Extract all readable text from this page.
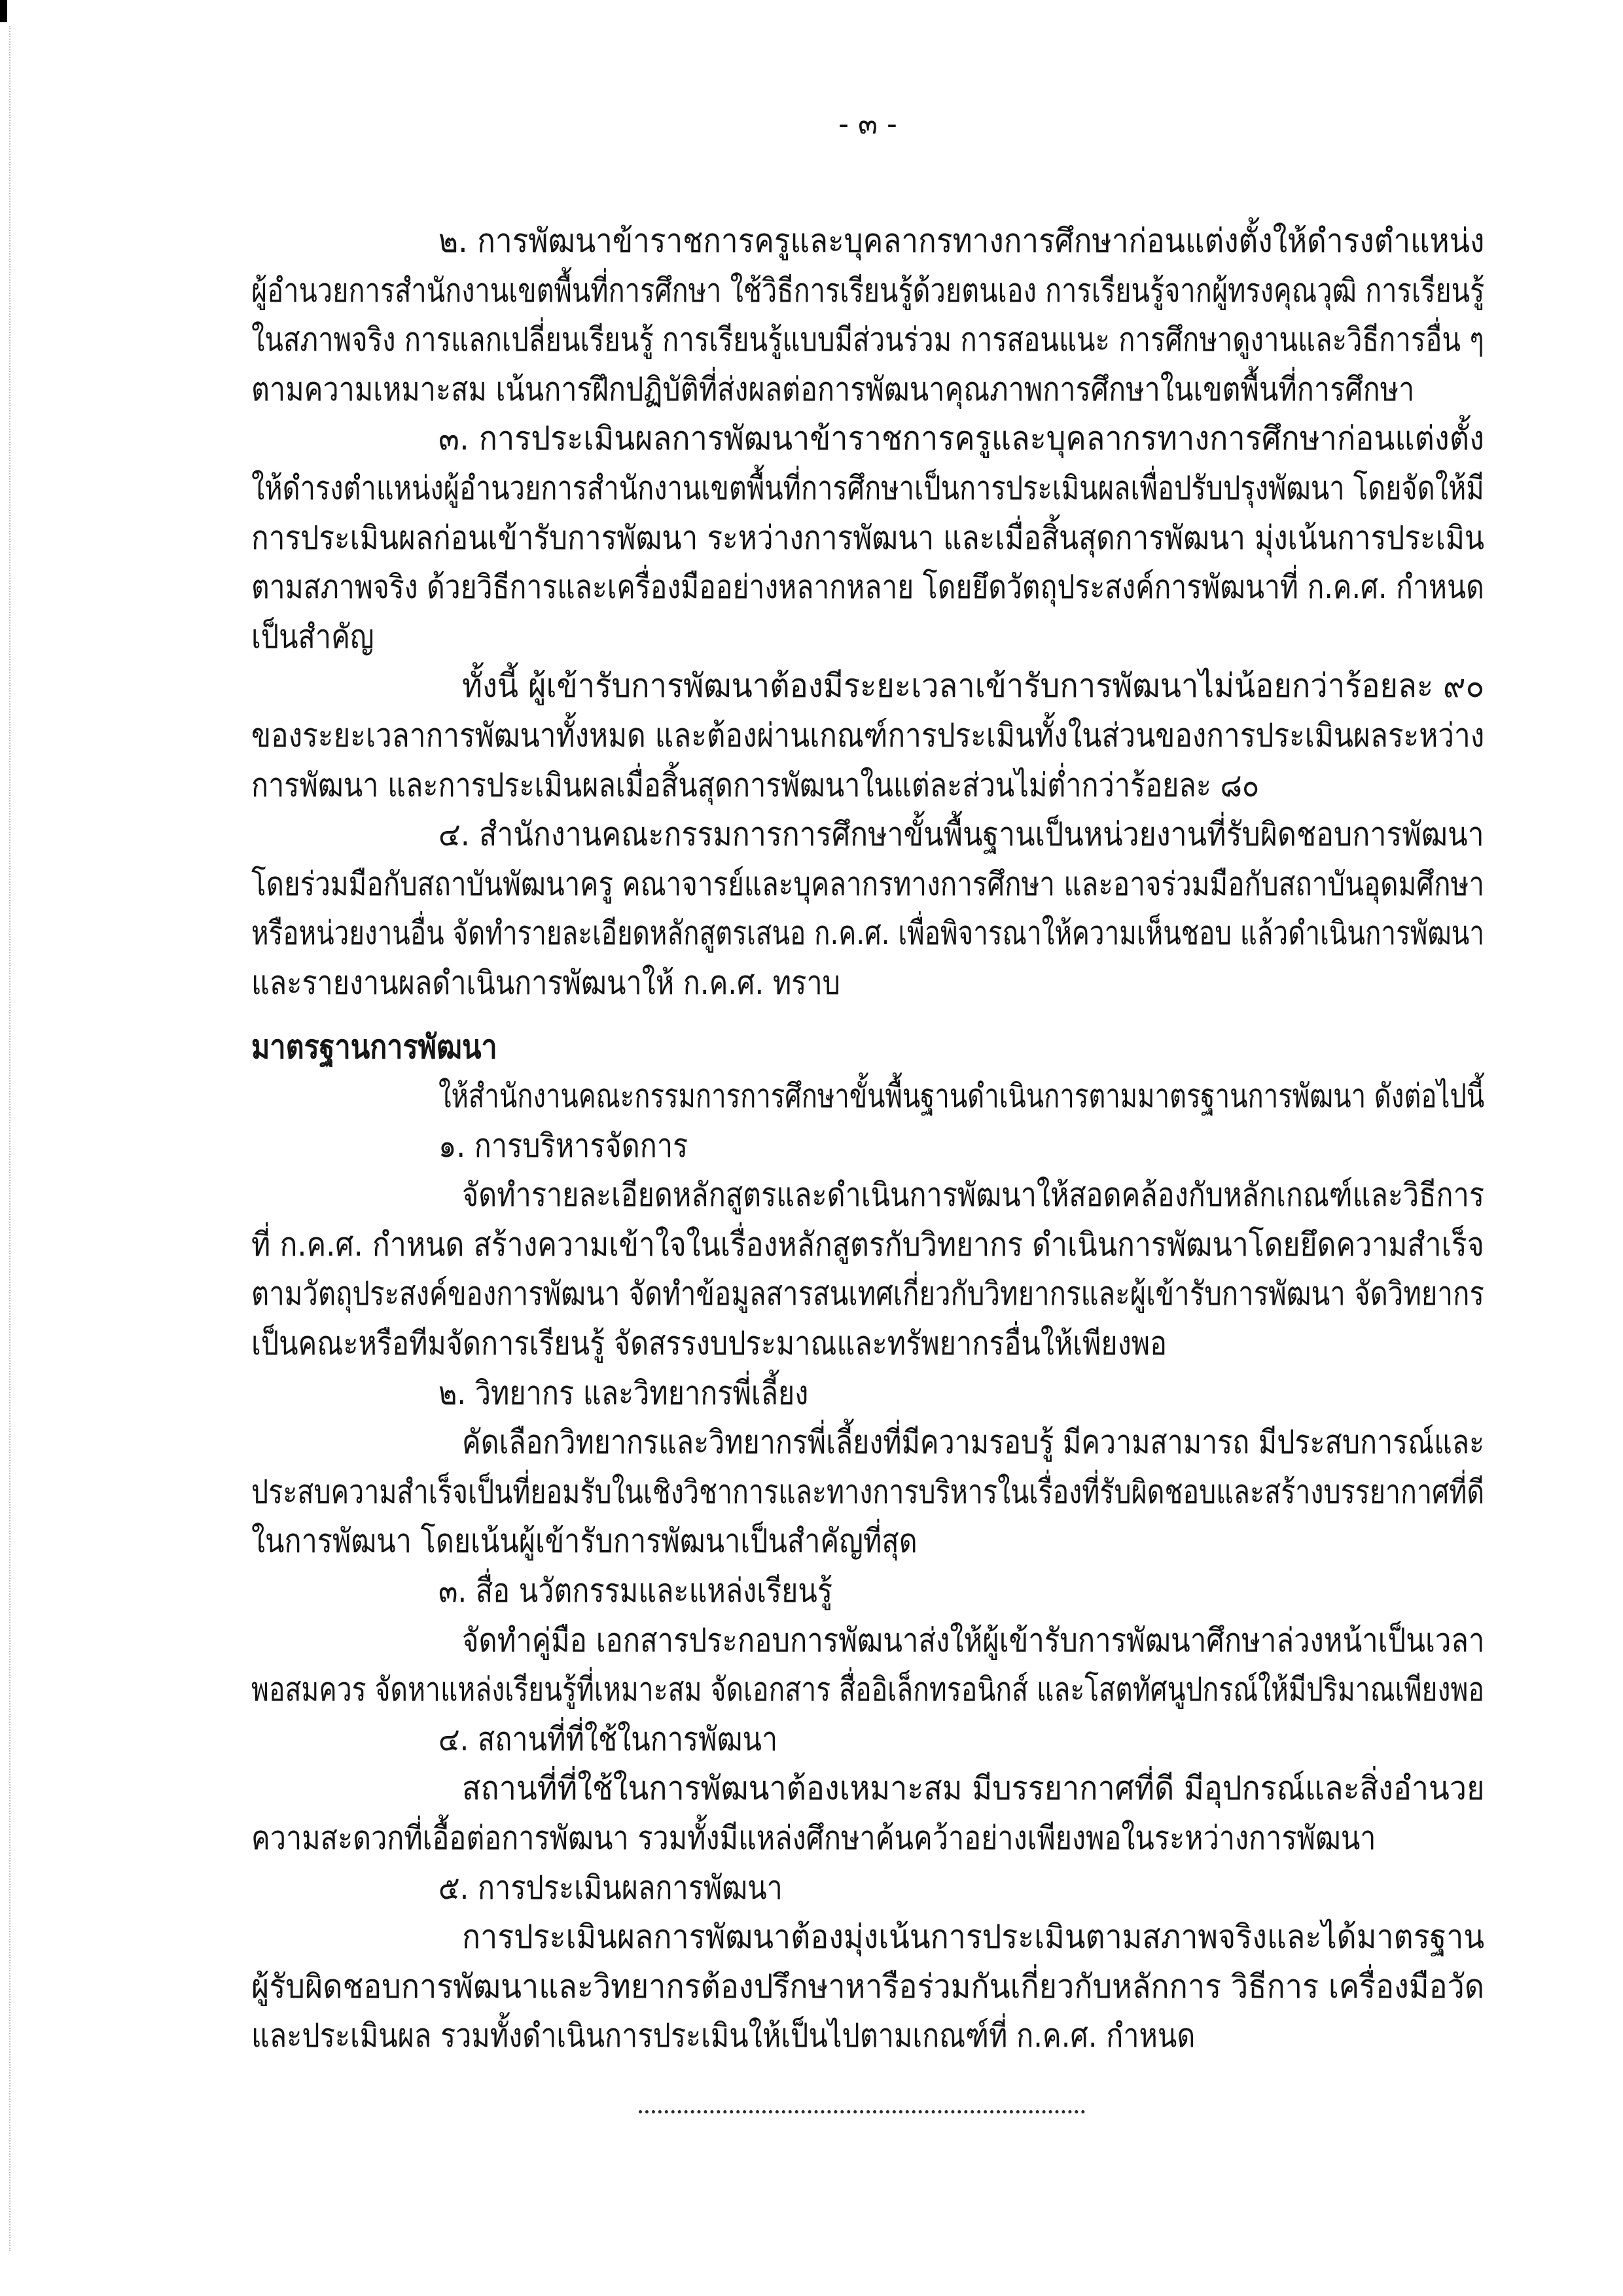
- ๓ -
๒. การพัฒนาข้าราชการครูและบุคลากรทางการศึกษาก่อนแต่งตั้งให้ดำรงตำแหน่ง
ผู้อำนวยการสำนักงานเขตพื้นที่การศึกษา ใช้วิธีการเรียนรู้ด้วยตนเอง การเรียนรู้จากผู้ทรงคุณวุฒิ การเรียนรู้
ในสภาพจริง การแลกเปลี่ยนเรียนรู้ การเรียนรู้แบบมีส่วนร่วม การสอนแนะ การศึกษาดูงานและวิธีการอื่น ๆ
ตามความเหมาะสม เน้นการฝึกปฏิบัติที่ส่งผลต่อการพัฒนาคุณภาพการศึกษาในเขตพื้นที่การศึกษา
๓. การประเมินผลการพัฒนาข้าราชการครูและบุคลากรทางการศึกษาก่อนแต่งตั้ง
ให้ดำรงตำแหน่งผู้อำนวยการสำนักงานเขตพื้นที่การศึกษาเป็นการประเมินผลเพื่อปรับปรุงพัฒนา โดยจัดให้มี
การประเมินผลก่อนเข้ารับการพัฒนา ระหว่างการพัฒนา และเมื่อสิ้นสุดการพัฒนา มุ่งเน้นการประเมิน
ตามสภาพจริง ด้วยวิธีการและเครื่องมืออย่างหลากหลาย โดยยึดวัตถุประสงค์การพัฒนาที่ ก.ค.ศ. กำหนด
เป็นสำคัญ
ทั้งนี้ ผู้เข้ารับการพัฒนาต้องมีระยะเวลาเข้ารับการพัฒนาไม่น้อยกว่าร้อยละ ๙๐
ของระยะเวลาการพัฒนาทั้งหมด และต้องผ่านเกณฑ์การประเมินทั้งในส่วนของการประเมินผลระหว่าง
การพัฒนา และการประเมินผลเมื่อสิ้นสุดการพัฒนาในแต่ละส่วนไม่ต่ำกว่าร้อยละ ๘๐
๔. สำนักงานคณะกรรมการการศึกษาขั้นพื้นฐานเป็นหน่วยงานที่รับผิดชอบการพัฒนา
โดยร่วมมือกับสถาบันพัฒนาครู คณาจารย์และบุคลากรทางการศึกษา และอาจร่วมมือกับสถาบันอุดมศึกษา
หรือหน่วยงานอื่น จัดทำรายละเอียดหลักสูตรเสนอ ก.ค.ศ. เพื่อพิจารณาให้ความเห็นชอบ แล้วดำเนินการพัฒนา
และรายงานผลดำเนินการพัฒนาให้ ก.ค.ศ. ทราบ
มาตรฐานการพัฒนา
ให้สำนักงานคณะกรรมการการศึกษาขั้นพื้นฐานดำเนินการตามมาตรฐานการพัฒนา ดังต่อไปนี้
๑. การบริหารจัดการ
จัดทำรายละเอียดหลักสูตรและดำเนินการพัฒนาให้สอดคล้องกับหลักเกณฑ์และวิธีการ
ที่ ก.ค.ศ. กำหนด สร้างความเข้าใจในเรื่องหลักสูตรกับวิทยากร ดำเนินการพัฒนาโดยยึดความสำเร็จ
ตามวัตถุประสงค์ของการพัฒนา จัดทำข้อมูลสารสนเทศเกี่ยวกับวิทยากรและผู้เข้ารับการพัฒนา จัดวิทยากร
เป็นคณะหรือทีมจัดการเรียนรู้ จัดสรรงบประมาณและทรัพยากรอื่นให้เพียงพอ
๒. วิทยากร และวิทยากรพี่เลี้ยง
คัดเลือกวิทยากรและวิทยากรพี่เลี้ยงที่มีความรอบรู้ มีความสามารถ มีประสบการณ์และ
ประสบความสำเร็จเป็นที่ยอมรับในเชิงวิชาการและทางการบริหารในเรื่องที่รับผิดชอบและสร้างบรรยากาศที่ดี
ในการพัฒนา โดยเน้นผู้เข้ารับการพัฒนาเป็นสำคัญที่สุด
๓. สื่อ นวัตกรรมและแหล่งเรียนรู้
จัดทำคู่มือ เอกสารประกอบการพัฒนาส่งให้ผู้เข้ารับการพัฒนาศึกษาล่วงหน้าเป็นเวลา
พอสมควร จัดหาแหล่งเรียนรู้ที่เหมาะสม จัดเอกสาร สื่ออิเล็กทรอนิกส์ และโสตทัศนูปกรณ์ให้มีปริมาณเพียงพอ
๔. สถานที่ที่ใช้ในการพัฒนา
สถานที่ที่ใช้ในการพัฒนาต้องเหมาะสม มีบรรยากาศที่ดี มีอุปกรณ์และสิ่งอำนวย
ความสะดวกที่เอื้อต่อการพัฒนา รวมทั้งมีแหล่งศึกษาค้นคว้าอย่างเพียงพอในระหว่างการพัฒนา
๕. การประเมินผลการพัฒนา
การประเมินผลการพัฒนาต้องมุ่งเน้นการประเมินตามสภาพจริงและได้มาตรฐาน
ผู้รับผิดชอบการพัฒนาและวิทยากรต้องปรึกษาหารือร่วมกันเกี่ยวกับหลักการ วิธีการ เครื่องมือวัด
และประเมินผล รวมทั้งดำเนินการประเมินให้เป็นไปตามเกณฑ์ที่ ก.ค.ศ. กำหนด
